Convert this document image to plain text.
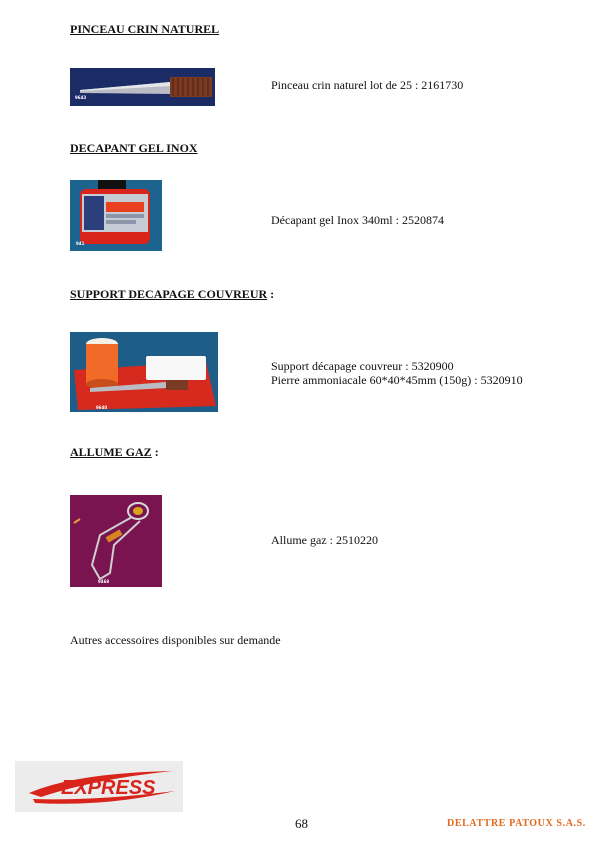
PINCEAU CRIN NATUREL
9643
Pinceau crin naturel lot de 25 : 2161730
DECAPANT GEL INOX
941
Décapant gel Inox 340ml : 2520874
SUPPORT DECAPAGE COUVREUR :
9640
Support décapage couvreur : 5320900
Pierre ammoniacale 60*40*45mm (150g) : 5320910
ALLUME GAZ :
9468
Allume gaz : 2510220
Autres accessoires disponibles sur demande
EXPRESS
68	DELATTRE PATOUX S.A.S.
